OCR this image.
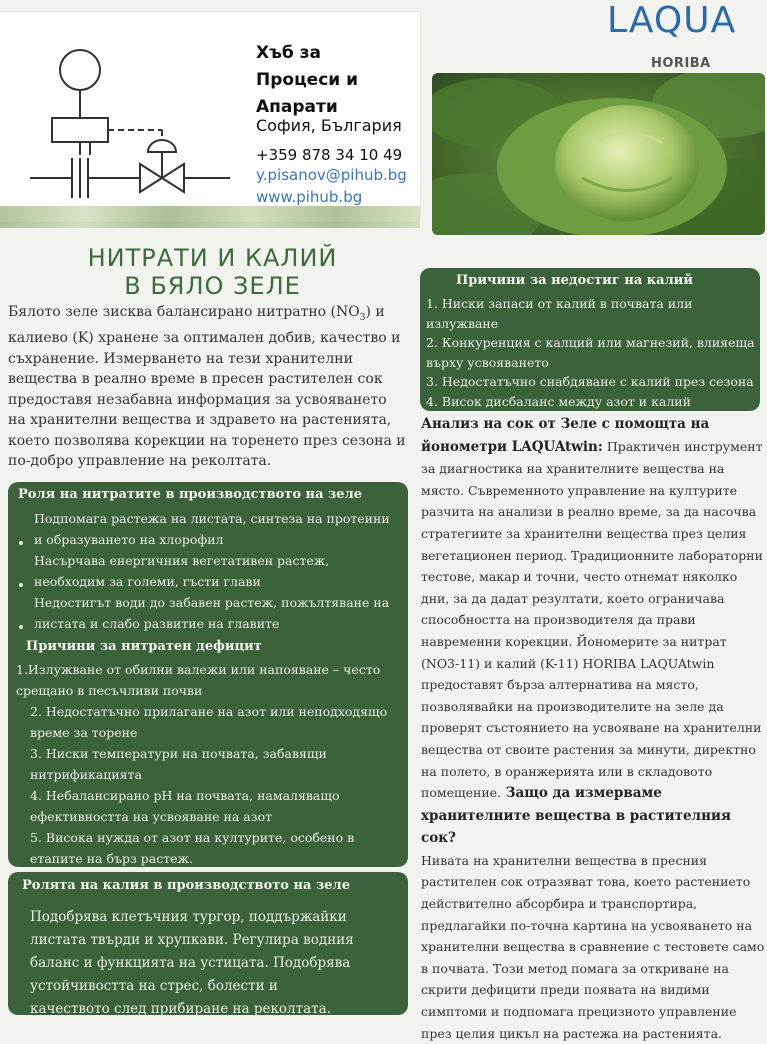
Хъб за
Процеси и
Апарати
София, България
+359 878 34 10 49
y.pisanov@pihub.bg
www.pihub.bg
LAQUA
HORIBA
НИТРАТИ И КАЛИЙ
В БЯЛО ЗЕЛЕ
Бялото зеле зисква балансирано нитратно $(NO_3)$ и калиево (K) хранене за оптимален добив, качество и съхранение. Измерването на тези хранителни вещества в реално време в пресен растителен сок предоставя незабавна информация за усвояването на хранителни вещества и здравето на растенията, което позволява корекции на торенето през сезона и по-добро управление на реколтата.
Роля на нитратите в производството на зеле
Подпомага растежа на листата, синтеза на протеини и образуването на хлорофил
Насърчава енергичния вегетативен растеж, необходим за големи, гъсти глави
Недостигът води до забавен растеж, пожълтяване на листата и слабо развитие на главите
Причини за нитратен дефицит
1.Излужване от обилни валежи или напояване – често срещано в песъчливи почви
2. Недостатъчно прилагане на азот или неподходящо време за торене
3. Ниски температури на почвата, забавящи нитрификацията
4. Небалансирано pH на почвата, намаляващо ефективността на усвояване на азот
5. Висока нужда от азот на културите, особено в етапите на бърз растеж.
Ролята на калия в производството на зеле
Подобрява клетъчния тургор, поддържайки листата твърди и хрупкави. Регулира водния баланс и функцията на устицата. Подобрява устойчивостта на стрес, болести и качеството след прибиране на реколтата.
Причини за недостиг на калий
1. Ниски запаси от калий в почвата или излужване
2. Конкуренция с калций или магнезий, влияеща върху усвояването
3. Недостатъчно снабдяване с калий през сезона
4. Висок дисбаланс между азот и калий
Анализ на сок от Зеле с помощта на йонометри LAQUAtwin: Практичен инструмент за диагностика на хранителните вещества на място. Съвременното управление на културите разчита на анализи в реално време, за да насочва стратегиите за хранителни вещества през целия вегетационен период. Традиционните лабораторни тестове, макар и точни, често отнемат няколко дни, за да дадат резултати, което ограничава способността на производителя да прави навременни корекции. Йономерите за нитрат (NO3-11) и калий (K-11) HORIBA LAQUAtwin предоставят бърза алтернатива на място, позволявайки на производителите на зеле да проверят състоянието на усвояване на хранителни вещества от своите растения за минути, директно на полето, в оранжерията или в складовото помещение. Защо да измерваме хранителните вещества в растителния сок?
Нивата на хранителни вещества в пресния растителен сок отразяват това, което растението действително абсорбира и транспортира, предлагайки по-точна картина на усвояването на хранителни вещества в сравнение с тестовете само в почвата. Този метод помага за откриване на скрити дефицити преди появата на видими симптоми и подпомага прецизното управление през целия цикъл на растежа на растенията.
